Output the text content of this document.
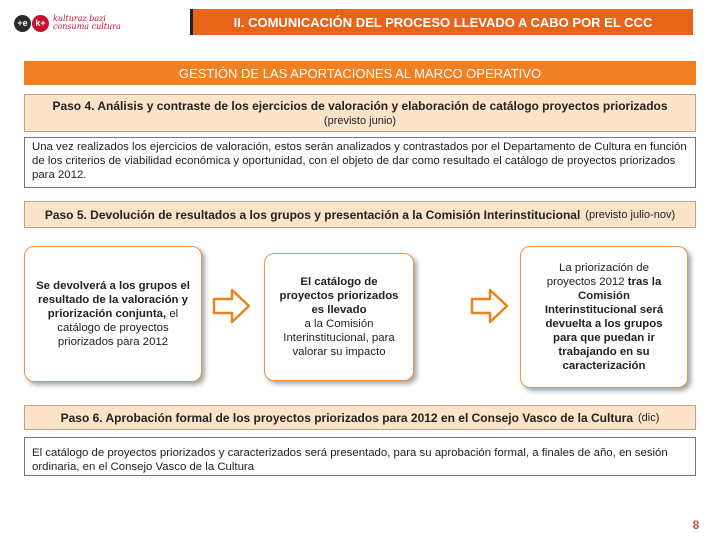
+e k+ kulturaz bazi
consuma cultura	II. COMUNICACIÓN DEL PROCESO LLEVADO A CABO POR EL CCC
GESTIÓN DE LAS APORTACIONES AL MARCO OPERATIVO
Paso 4. Análisis y contraste de los ejercicios de valoración y elaboración de catálogo proyectos priorizados
(previsto junio)
Una vez realizados los ejercicios de valoración, estos serán analizados y contrastados por el Departamento de Cultura en función de los criterios de viabilidad económica y oportunidad, con el objeto de dar como resultado el catálogo de proyectos priorizados para 2012.
Paso 5. Devolución de resultados a los grupos y presentación a la Comisión Interinstitucional (previsto julio-nov)
Se devolverá a los grupos el resultado de la valoración y priorización conjunta, el catálogo de proyectos priorizados para 2012
El catálogo de proyectos priorizados es llevado
a la Comisión Interinstitucional, para valorar su impacto
La priorización de proyectos 2012 tras la Comisión Interinstitucional será devuelta a los grupos para que puedan ir trabajando en su caracterización
Paso 6. Aprobación formal de los proyectos priorizados para 2012 en el Consejo Vasco de la Cultura (dic)
El catálogo de proyectos priorizados y caracterizados será presentado, para su aprobación formal, a finales de año, en sesión ordinaria, en el Consejo Vasco de la Cultura
8
